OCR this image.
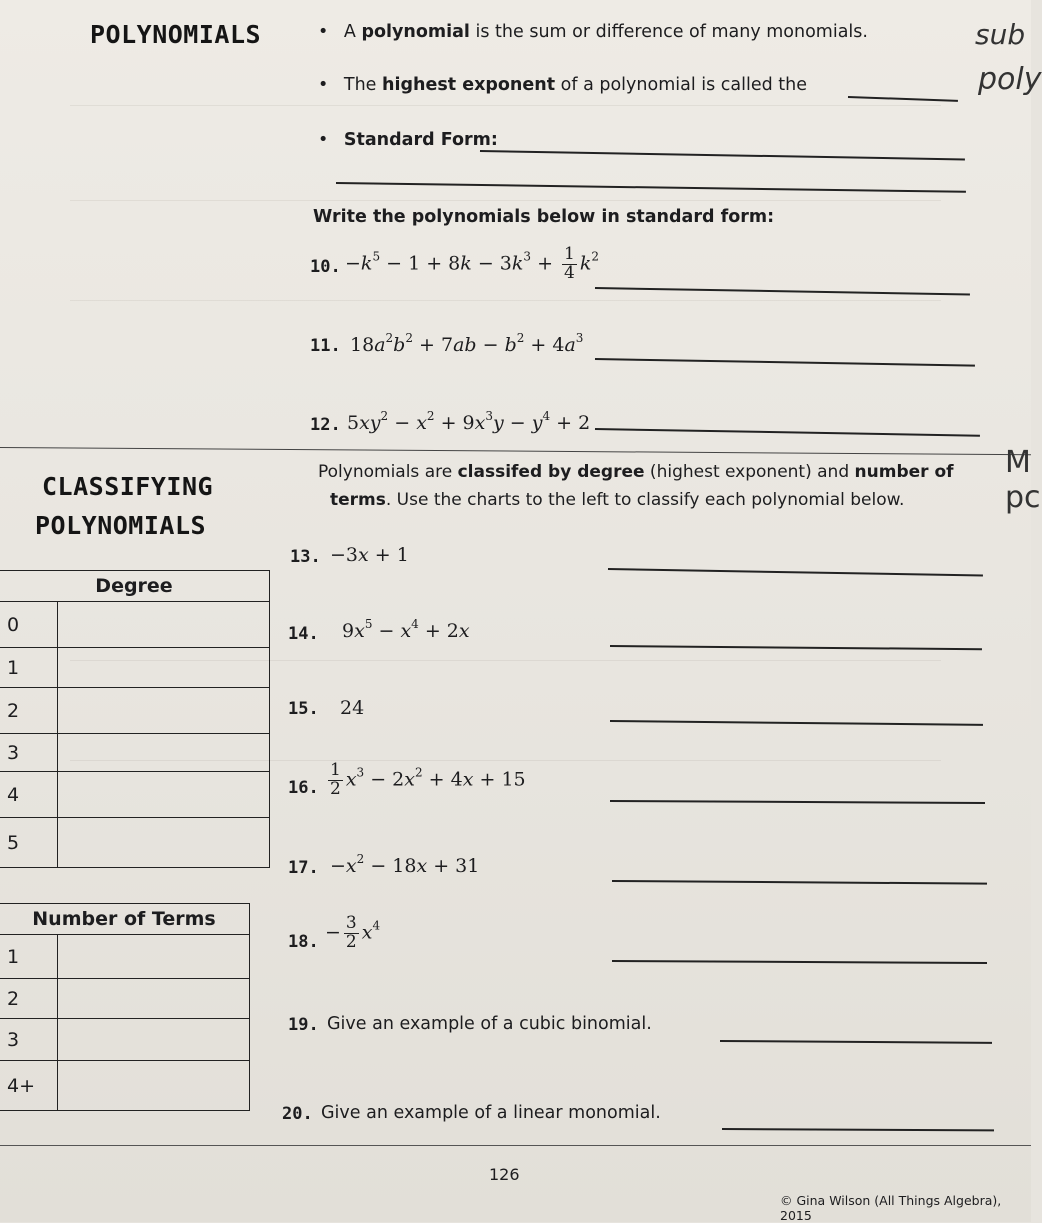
POLYNOMIALS	• A polynomial is the sum or difference of many monomials.
• The highest exponent of a polynomial is called the
• Standard Form:
Write the polynomials below in standard form:
10. $-k^5 - 1 + 8k - 3k^3 + \frac{1}{4} k^2$
11. $18a^2b^2 + 7ab - b^2 + 4a^3$
12. $5xy^2 - x^2 + 9x^3y - y^4 + 2$
CLASSIFYING
POLYNOMIALS
Polynomials are classifed by degree (highest exponent) and number of
terms. Use the charts to the left to classify each polynomial below.
Degree	
0	
1	
2	
3	
4	
5	
Number of Terms	
1	
2	
3	
4+	
13. −3x + 1
14. $9x^5 - x^4 + 2x$
15. 24
16. $\frac{1}{2} x^3 - 2x^2 + 4x + 15$
17. $-x^2 - 18x + 31$
18. − $\frac{3}{2} x^4$
19. Give an example of a cubic binomial.
20. Give an example of a linear monomial.
sub
poly
M
pc
126
© Gina Wilson (All Things Algebra), 2015
